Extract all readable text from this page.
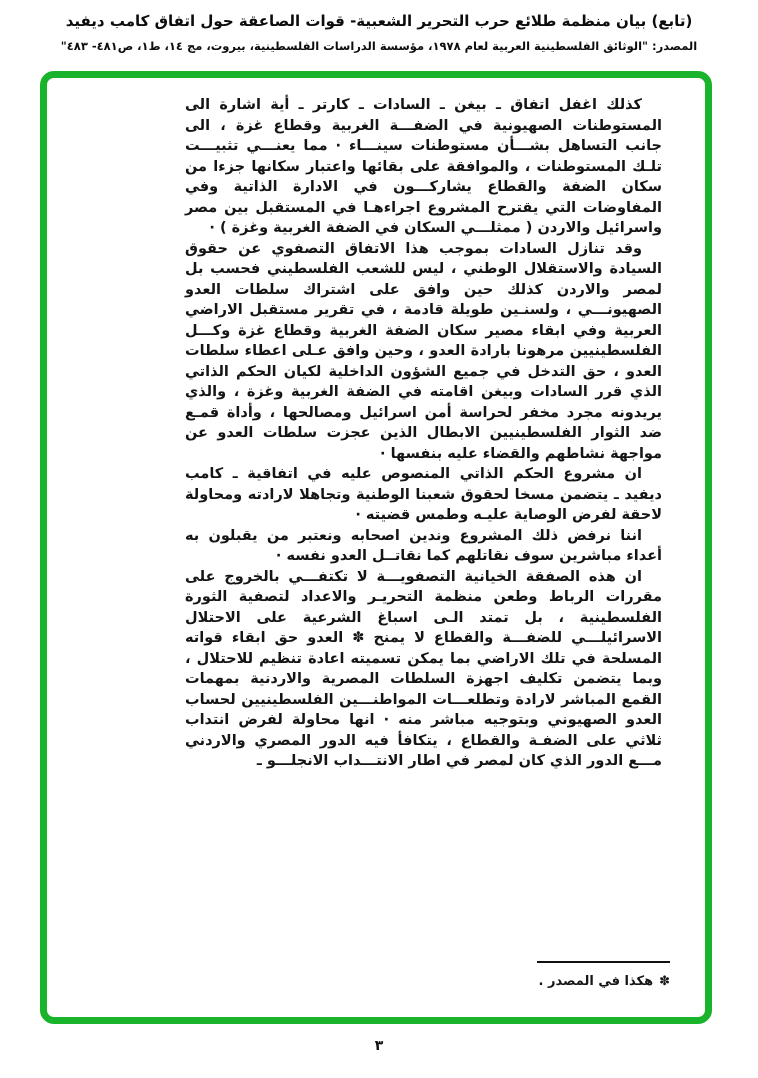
(تابع) بيان منظمة طلائع حرب التحرير الشعبية- قوات الصاعقة حول اتفاق كامب ديفيد
المصدر: "الوثائق الفلسطينية العربية لعام ١٩٧٨، مؤسسة الدراسات الفلسطينية، بيروت، مج ١٤، ط١، ص٤٨١- ٤٨٣"

كذلك اغفل اتفاق ـ بيغن ـ السادات ـ كارتر ـ أية اشارة الى المستوطنات الصهيونية في الضفـــة الغربية وقطاع غزة ، الى جانب التساهل بشـــأن مستوطنات سينـــاء · مما يعنـــي تثبيـــت تلـك المستوطنات ، والموافقة على بقائها واعتبار سكانها جزءا من سكان الضفة والقطاع يشاركـــون في الادارة الذاتية وفي المفاوضات التي يقترح المشروع اجراءهـا في المستقبل بين مصر واسرائيل والاردن ( ممثلـــي السكان في الضفة الغربية وغزة ) ·

وقد تنازل السادات بموجب هذا الاتفاق التصفوي عن حقوق السيادة والاستقلال الوطني ، ليس للشعب الفلسطيني فحسب بل لمصر والاردن كذلك حين وافق على اشتراك سلطات العدو الصهيونـــي ، ولسنـين طويلة قادمة ، في تقرير مستقبل الاراضي العربية وفي ابقاء مصير سكان الضفة الغربية وقطاع غزة وكـــل الفلسطينيين مرهونا بارادة العدو ، وحين وافق عـلى اعطاء سلطات العدو ، حق التدخل في جميع الشؤون الداخلية لكيان الحكم الذاتي الذي قرر السادات وبيغن اقامته في الضفة الغربية وغزة ، والذي يريدونه مجرد مخفر لحراسة أمن اسرائيل ومصالحها ، وأداة قمـع ضد الثوار الفلسطينيين الابطال الذين عجزت سلطات العدو عن مواجهة نشاطهم والقضاء عليه بنفسها ·

ان مشروع الحكم الذاتي المنصوص عليه في اتفاقية ـ كامب ديفيد ـ يتضمن مسخا لحقوق شعبنا الوطنية وتجاهلا لارادته ومحاولة لاحقة لفرض الوصاية عليـه وطمس قضيته ·

اننا نرفض ذلك المشروع وندين اصحابه ونعتبر من يقبلون به أعداء مباشرين سوف نقاتلهم كما نقاتــل العدو نفسه ·

ان هذه الصفقة الخيانية التصفويـــة لا تكتفـــي بالخروج على مقررات الرباط وطعن منظمة التحريـر والاعداد لتصفية الثورة الفلسطينية ، بل تمتد الـى اسباغ الشرعية على الاحتلال الاسرائيلـــي للضفـــة والقطاع لا يمنح ✽ العدو حق ابقاء قواته المسلحة في تلك الاراضي بما يمكن تسميته اعادة تنظيم للاحتلال ، وبما يتضمن تكليف اجهزة السلطات المصرية والاردنية بمهمات القمع المباشر لارادة وتطلعـــات المواطنـــين الفلسطينيين لحساب العدو الصهيوني وبتوجيه مباشر منه · انها محاولة لفرض انتداب ثلاثي على الضفـة والقطاع ، يتكافأ فيه الدور المصري والاردني مـــع الدور الذي كان لمصر في اطار الانتـــداب الانجلـــو ـ

✽هكذا في المصدر .
٣
